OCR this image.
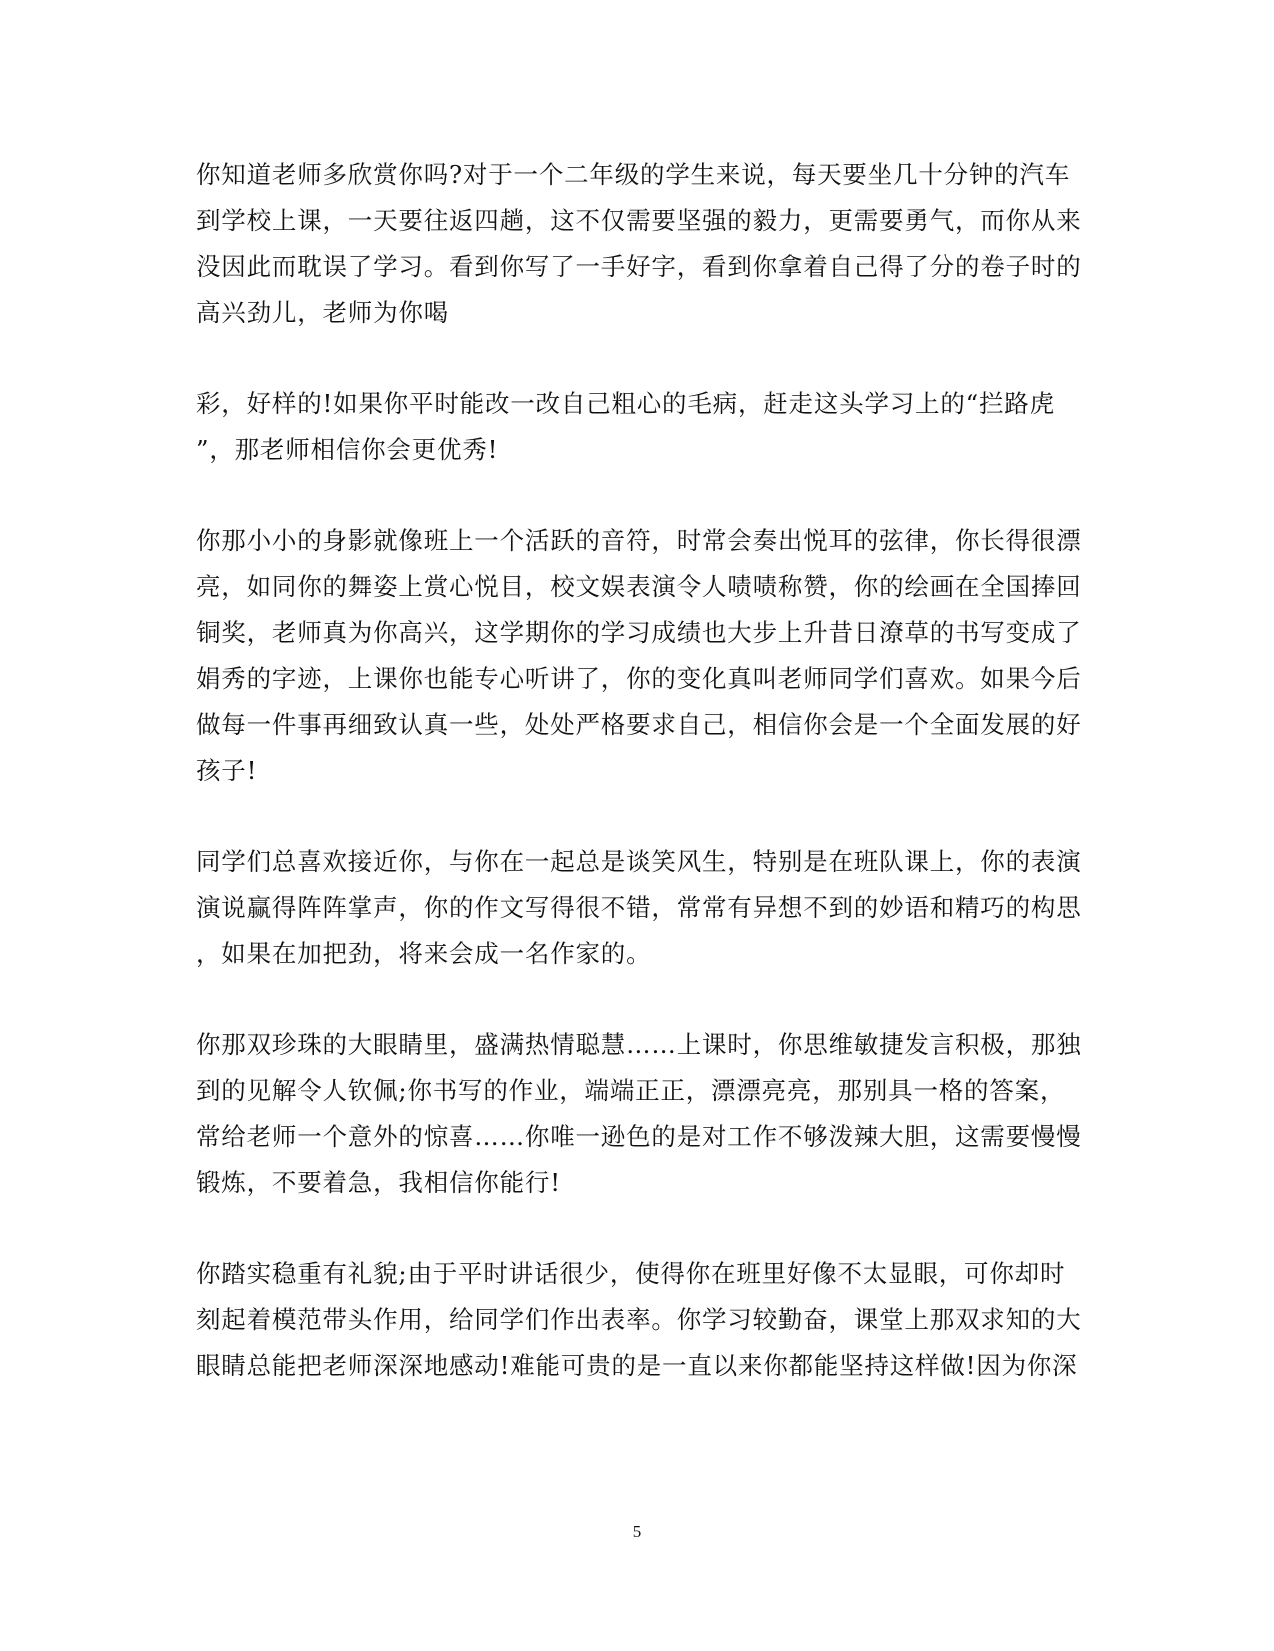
你知道老师多欣赏你吗?对于一个二年级的学生来说，每天要坐几十分钟的汽车
到学校上课，一天要往返四趟，这不仅需要坚强的毅力，更需要勇气，而你从来
没因此而耽误了学习。看到你写了一手好字，看到你拿着自己得了分的卷子时的
高兴劲儿，老师为你喝
彩，好样的!如果你平时能改一改自己粗心的毛病，赶走这头学习上的“拦路虎
”，那老师相信你会更优秀!
你那小小的身影就像班上一个活跃的音符，时常会奏出悦耳的弦律，你长得很漂
亮，如同你的舞姿上赏心悦目，校文娱表演令人啧啧称赞，你的绘画在全国捧回
铜奖，老师真为你高兴，这学期你的学习成绩也大步上升昔日潦草的书写变成了
娟秀的字迹，上课你也能专心听讲了，你的变化真叫老师同学们喜欢。如果今后
做每一件事再细致认真一些，处处严格要求自己，相信你会是一个全面发展的好
孩子!
同学们总喜欢接近你，与你在一起总是谈笑风生，特别是在班队课上，你的表演
演说赢得阵阵掌声，你的作文写得很不错，常常有异想不到的妙语和精巧的构思
，如果在加把劲，将来会成一名作家的。
你那双珍珠的大眼睛里，盛满热情聪慧……上课时，你思维敏捷发言积极，那独
到的见解令人钦佩;你书写的作业，端端正正，漂漂亮亮，那别具一格的答案，
常给老师一个意外的惊喜……你唯一逊色的是对工作不够泼辣大胆，这需要慢慢
锻炼，不要着急，我相信你能行!
你踏实稳重有礼貌;由于平时讲话很少，使得你在班里好像不太显眼，可你却时
刻起着模范带头作用，给同学们作出表率。你学习较勤奋，课堂上那双求知的大
眼睛总能把老师深深地感动!难能可贵的是一直以来你都能坚持这样做!因为你深
5
